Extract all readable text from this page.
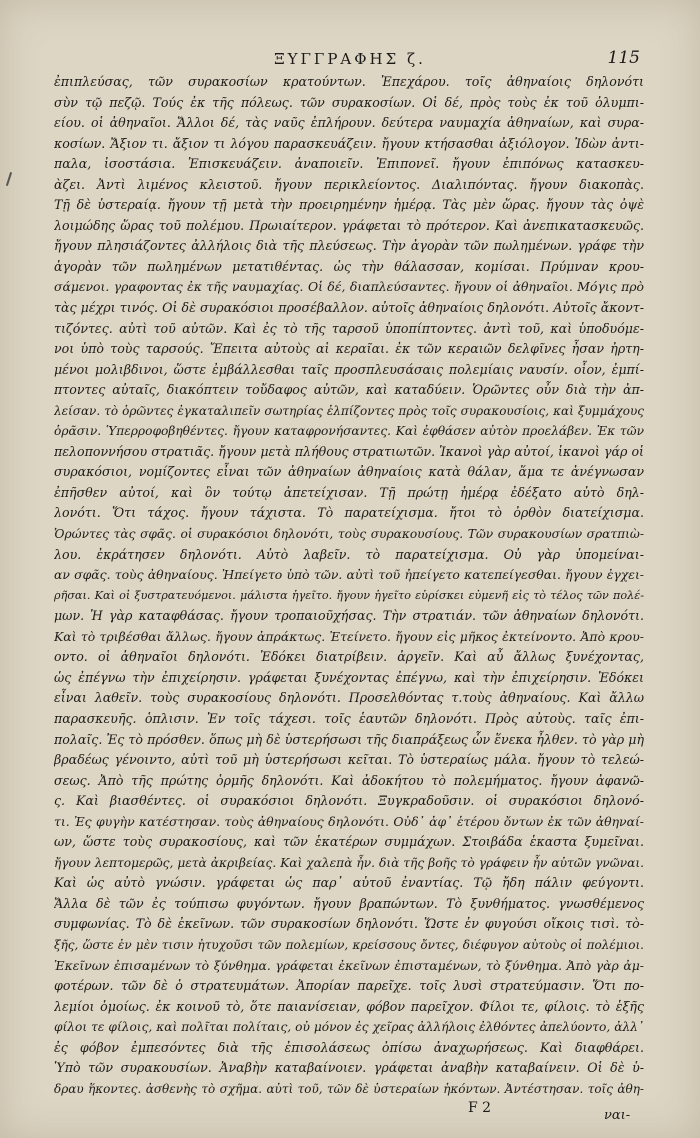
ΞΥΓΓΡΑΦΗΣ ζ.	115
ἐπιπλεύσας, τῶν συρακοσίων κρατούντων. Ἐπεχάρου. τοῖς ἀθηναίοις δηλονότι
σὺν τῷ πεζῷ. Τούς ἐκ τῆς πόλεως. τῶν συρακοσίων. Οἱ δέ, πρὸς τοὺς ἐκ τοῦ ὀλυμπι-
είου. οἱ ἀθηναῖοι. Ἄλλοι δέ, τὰς ναῦς ἐπλήρουν. δεύτερα ναυμαχία ἀθηναίων, καὶ συρα-
κοσίων. Ἄξιον τι. ἄξιον τι λόγου παρασκευάζειν. ἤγουν κτήσασθαι ἀξιόλογον. Ἰδὼν ἀντι-
παλα, ἰσοστάσια. Ἐπισκευάζειν. ἀναποιεῖν. Ἐπιπονεῖ. ἤγουν ἐπιπόνως κατασκευ-
ὰζει. Ἀντὶ λιμένος κλειστοῦ. ἤγουν περικλείοντος. Διαλιπόντας. ἤγουν διακοπὰς.
Τῇ δὲ ὑστεραίᾳ. ἤγουν τῇ μετὰ τὴν προειρημένην ἡμέρᾳ. Τὰς μὲν ὥρας. ἤγουν τὰς ὀψὲ
λοιμώδης ὥρας τοῦ πολέμου. Πρωιαίτερον. γράφεται τὸ πρότερον. Καὶ ἀνεπικατασκευῶς.
ἤγουν πλησιάζοντες ἀλλήλοις διὰ τῆς πλεύσεως. Τὴν ἀγορὰν τῶν πωλημένων. γράφε τὴν
ἀγορὰν τῶν πωλημένων μετατιθέντας. ὡς τὴν θάλασσαν, κομίσαι. Πρύμναν κρου-
σάμενοι. γραφοντας ἐκ τῆς ναυμαχίας. Οἱ δέ, διαπλεύσαντες. ἤγουν οἱ ἀθηναῖοι. Μόγις πρὸ
τὰς μέχρι τινός. Οἱ δὲ συρακόσιοι προσέβαλλον. αὐτοῖς ἀθηναίοις δηλονότι. Αὐτοῖς ἄκοντ-
τιζόντες. αὐτὶ τοῦ αὐτῶν. Καὶ ἐς τὸ τῆς ταρσοῦ ὑποπίπτοντες. ἀντὶ τοῦ, καὶ ὑποδυόμε-
νοι ὑπὸ τοὺς ταρσούς. Ἔπειτα αὐτοὺς αἱ κεραῖαι. ἐκ τῶν κεραιῶν δελφῖνες ἦσαν ἠρτη-
μένοι μολιβδινοι, ὥστε ἐμβάλλεσθαι ταῖς προσπλευσάσαις πολεμίαις ναυσίν. οἷον, ἐμπί-
πτοντες αὐταῖς, διακόπτειν τοὔδαφος αὐτῶν, καὶ καταδύειν. Ὁρῶντες οὖν διὰ τὴν ἀπ-
λείσαν. τὸ ὁρῶντες ἐγκαταλιπεῖν σωτηρίας ἐλπίζοντες πρὸς τοῖς συρακουσίοις, καὶ ξυμμάχους
ὁρᾶσιν. Ὑπερροφοβηθέντες. ἤγουν καταφρονήσαντες. Καὶ ἐφθάσεν αὐτὸν προελάβεν. Ἐκ τῶν
πελοποννήσου στρατιᾶς. ἤγουν μετὰ πλήθους στρατιωτῶν. Ἱκανοὶ γὰρ αὐτοί, ἱκανοὶ γάρ οἱ
συρακόσιοι, νομίζοντες εἶναι τῶν ἀθηναίων ἀθηναίοις κατὰ θάλαν, ἅμα τε ἀνέγνωσαν
ἐπῆσθεν αὐτοί, καὶ ὃν τούτῳ ἀπετείχισαν. Τῇ πρώτῃ ἡμέρᾳ ἐδέξατο αὐτὸ δηλ-
λονότι. Ὅτι τάχος. ἤγουν τάχιστα. Τὸ παρατείχισμα. ἤτοι τὸ ὀρθὸν διατείχισμα.
Ὁρώντες τὰς σφᾶς. οἱ συρακόσιοι δηλονότι, τοὺς συρακουσίους. Τῶν συρακουσίων σρατπιὼ-
λου. ἐκράτησεν δηλονότι. Αὐτὸ λαβεῖν. τὸ παρατείχισμα. Οὐ γὰρ ὑπομείναι-
αν σφᾶς. τοὺς ἀθηναίους. Ἠπείγετο ὑπὸ τῶν. αὐτὶ τοῦ ἠπείγετο κατεπείγεσθαι. ἤγουν ἐγχει-
ρῆσαι. Καὶ οἱ ξυστρατευόμενοι. μάλιστα ἡγεῖτο. ἤγουν ἡγεῖτο εὑρίσκει εὐμενῆ εἰς τὸ τέλος τῶν πολέ-
μων. Ἡ γὰρ καταφθάσας. ἤγουν τροπαιοῦχήσας. Τὴν στρατιάν. τῶν ἀθηναίων δηλονότι.
Καὶ τὸ τριβέσθαι ἄλλως. ἤγουν ἀπράκτως. Ἐτείνετο. ἤγουν εἰς μῆκος ἐκτείνοντο. Ἀπὸ κρου-
οντο. οἱ ἀθηναῖοι δηλονότι. Ἐδόκει διατρίβειν. ἀργεῖν. Καὶ αὖ ἄλλως ξυνέχοντας,
ὡς ἐπέγνω τὴν ἐπιχείρησιν. γράφεται ξυνέχοντας ἐπέγνω, καὶ τὴν ἐπιχείρησιν. Ἐδόκει
εἶναι λαθεῖν. τοὺς συρακοσίους δηλονότι. Προσελθόντας τ.τοὺς ἀθηναίους. Καὶ ἄλλω
παρασκευῆς. ὁπλισιν. Ἐν τοῖς τάχεσι. τοῖς ἑαυτῶν δηλονότι. Πρὸς αὐτοὺς. ταῖς ἐπι-
πολαῖς. Ἐς τὸ πρόσθεν. ὅπως μὴ δὲ ὑστερήσωσι τῆς διαπράξεως ὧν ἕνεκα ἦλθεν. τὸ γὰρ μὴ
βραδέως γένοιντο, αὐτὶ τοῦ μὴ ὑστερήσωσι κεῖται. Τὸ ὑστεραίως μάλα. ἤγουν τὸ τελεώ-
σεως. Ἀπὸ τῆς πρώτης ὁρμῆς δηλονότι. Καὶ ἀδοκήτου τὸ πολεμήματος. ἤγουν ἀφανῶ-
ς. Καὶ βιασθέντες. οἱ συρακόσιοι δηλονότι. Ξυγκραδοῦσιν. οἱ συρακόσιοι δηλονό-
τι. Ἐς φυγὴν κατέστησαν. τοὺς ἀθηναίους δηλονότι. Οὐδ᾽ ἀφ᾽ ἑτέρου ὄντων ἐκ τῶν ἀθηναί-
ων, ὥστε τοὺς συρακοσίους, καὶ τῶν ἑκατέρων συμμάχων. Στοιβάδα ἑκαστα ξυμεῖναι.
ἤγουν λεπτομερῶς, μετὰ ἀκριβείας. Καὶ χαλεπὰ ἦν. διὰ τῆς βοῆς τὸ γράφειν ἦν αὐτῶν γνῶναι.
Καὶ ὡς αὐτὸ γνώσιν. γράφεται ὡς παρ᾽ αὐτοῦ ἐναντίας. Τῷ ἤδη πάλιν φεύγοντι.
Ἄλλα δὲ τῶν ἐς τούπισω φυγόντων. ἤγουν βραπώντων. Τὸ ξυνθήματος. γνωσθέμενος
συμφωνίας. Τὸ δὲ ἐκεῖνων. τῶν συρακοσίων δηλονότι. Ὥστε ἐν φυγούσι οἴκοις τισὶ. τὸ-
ξῆς, ὥστε ἐν μὲν τισιν ἠτυχοῦσι τῶν πολεμίων, κρείσσους ὄντες, διέφυγον αὐτοὺς οἱ πολέμιοι.
Ἐκεῖνων ἐπισαμένων τὸ ξύνθημα. γράφεται ἐκεῖνων ἐπισταμένων, τὸ ξύνθημα. Ἀπὸ γὰρ ἀμ-
φοτέρων. τῶν δὲ ὁ στρατευμάτων. Ἀπορίαν παρεῖχε. τοῖς λυσὶ στρατεύμασιν. Ὅτι πο-
λεμίοι ὁμοίως. ἐκ κοινοῦ τὸ, ὅτε παιανίσειαν, φόβον παρεῖχον. Φίλοι τε, φίλοις. τὸ ἑξῆς
φίλοι τε φίλοις, καὶ πολῖται πολίταις, οὐ μόνον ἐς χεῖρας ἀλλήλοις ἐλθόντες ἀπελύοντο, ἀλλ᾽
ἐς φόβον ἐμπεσόντες διὰ τῆς ἐπισολάσεως ὀπίσω ἀναχωρήσεως. Καὶ διαφθάρει.
Ὑπὸ τῶν συρακουσίων. Ἀναβὴν καταβαίνοιεν. γράφεται ἀναβὴν καταβαίνειν. Οἱ δὲ ὑ-
δραυ ἥκοντες. ἀσθενὴς τὸ σχῆμα. αὐτὶ τοῦ, τῶν δὲ ὑστεραίων ἡκόντων. Ἀντέστησαν. τοῖς ἀθη-
F 2	ναι-
